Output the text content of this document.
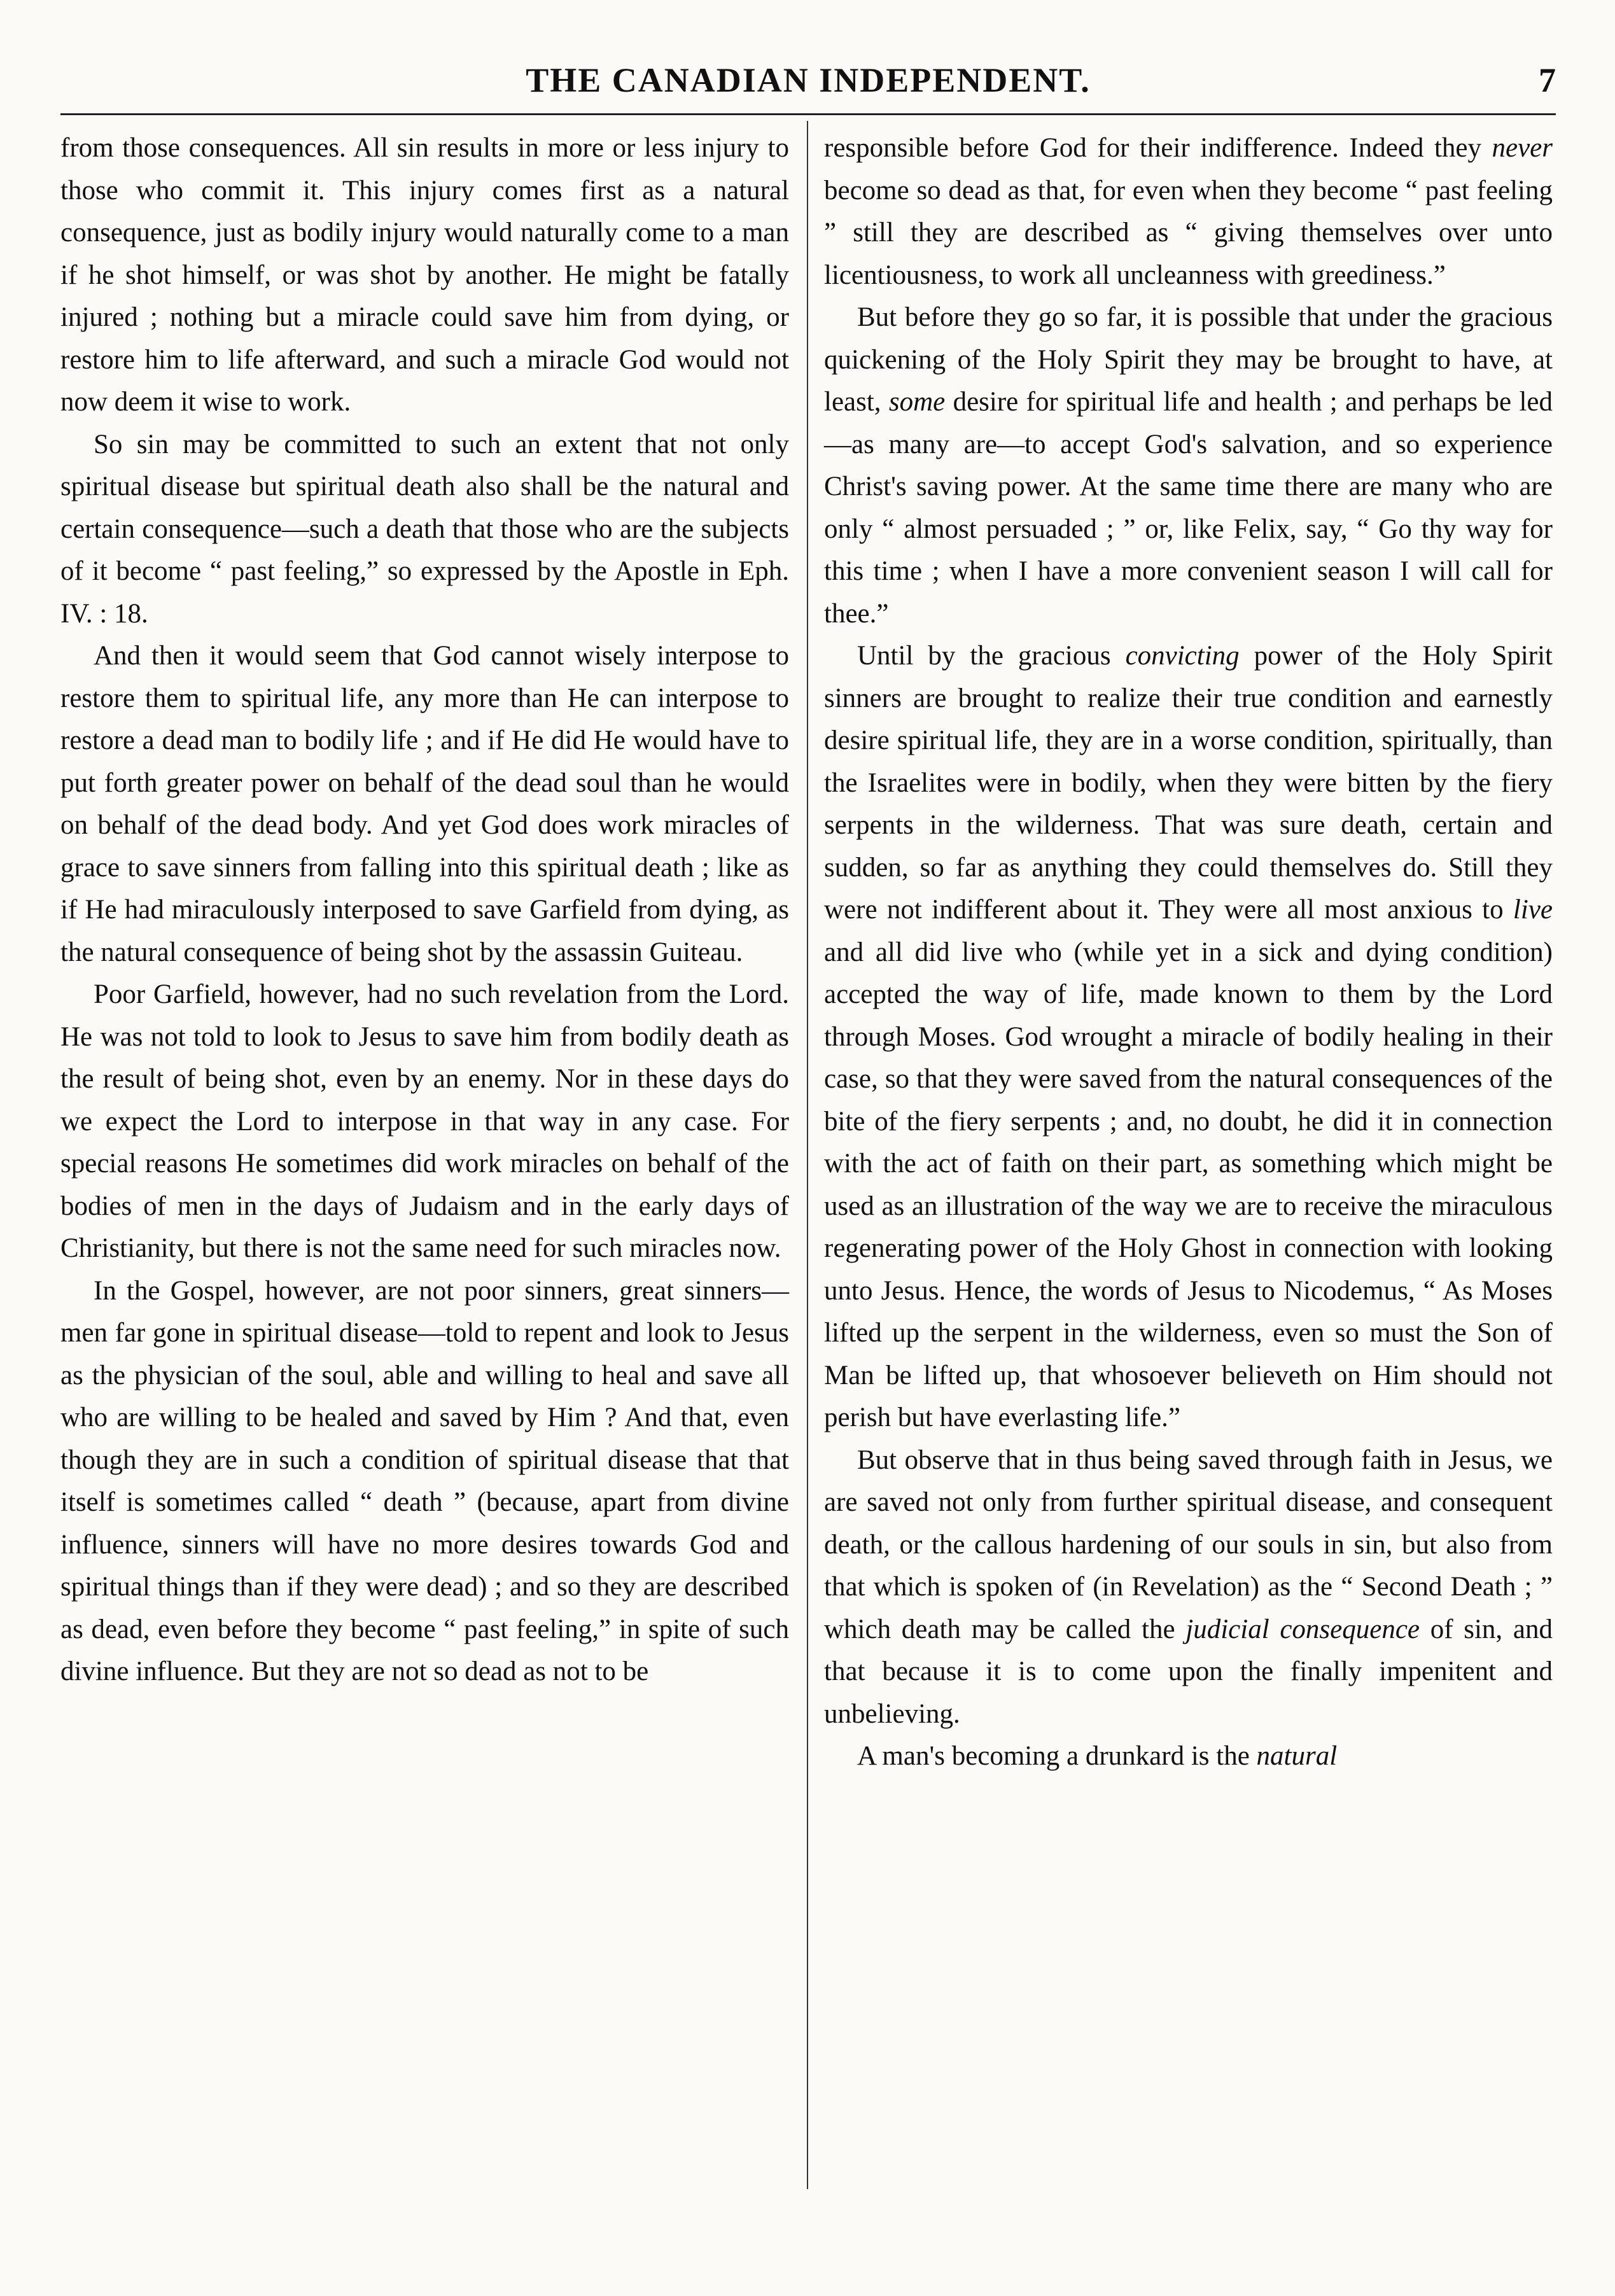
THE CANADIAN INDEPENDENT.	7

from those consequences. All sin results in more or less injury to those who commit it. This injury comes first as a natural consequence, just as bodily injury would naturally come to a man if he shot himself, or was shot by another. He might be fatally injured ; nothing but a miracle could save him from dying, or restore him to life afterward, and such a miracle God would not now deem it wise to work.

So sin may be committed to such an extent that not only spiritual disease but spiritual death also shall be the natural and certain consequence—such a death that those who are the subjects of it become “ past feeling,” so expressed by the Apostle in Eph. IV. : 18.

And then it would seem that God cannot wisely interpose to restore them to spiritual life, any more than He can interpose to restore a dead man to bodily life ; and if He did He would have to put forth greater power on behalf of the dead soul than he would on behalf of the dead body. And yet God does work miracles of grace to save sinners from falling into this spiritual death ; like as if He had miraculously interposed to save Garfield from dying, as the natural consequence of being shot by the assassin Guiteau.

Poor Garfield, however, had no such revelation from the Lord. He was not told to look to Jesus to save him from bodily death as the result of being shot, even by an enemy. Nor in these days do we expect the Lord to interpose in that way in any case. For special reasons He sometimes did work miracles on behalf of the bodies of men in the days of Judaism and in the early days of Christianity, but there is not the same need for such miracles now.

In the Gospel, however, are not poor sinners, great sinners—men far gone in spiritual disease—told to repent and look to Jesus as the physician of the soul, able and willing to heal and save all who are willing to be healed and saved by Him ? And that, even though they are in such a condition of spiritual disease that that itself is sometimes called “ death ” (because, apart from divine influence, sinners will have no more desires towards God and spiritual things than if they were dead) ; and so they are described as dead, even before they become “ past feeling,” in spite of such divine influence. But they are not so dead as not to be

responsible before God for their indifference. Indeed they never become so dead as that, for even when they become “ past feeling ” still they are described as “ giving themselves over unto licentiousness, to work all uncleanness with greediness.”

But before they go so far, it is possible that under the gracious quickening of the Holy Spirit they may be brought to have, at least, some desire for spiritual life and health ; and perhaps be led —as many are—to accept God's salvation, and so experience Christ's saving power. At the same time there are many who are only “ almost persuaded ; ” or, like Felix, say, “ Go thy way for this time ; when I have a more convenient season I will call for thee.”

Until by the gracious convicting power of the Holy Spirit sinners are brought to realize their true condition and earnestly desire spiritual life, they are in a worse condition, spiritually, than the Israelites were in bodily, when they were bitten by the fiery serpents in the wilderness. That was sure death, certain and sudden, so far as anything they could themselves do. Still they were not indifferent about it. They were all most anxious to live and all did live who (while yet in a sick and dying condition) accepted the way of life, made known to them by the Lord through Moses. God wrought a miracle of bodily healing in their case, so that they were saved from the natural consequences of the bite of the fiery serpents ; and, no doubt, he did it in connection with the act of faith on their part, as something which might be used as an illustration of the way we are to receive the miraculous regenerating power of the Holy Ghost in connection with looking unto Jesus. Hence, the words of Jesus to Nicodemus, “ As Moses lifted up the serpent in the wilderness, even so must the Son of Man be lifted up, that whosoever believeth on Him should not perish but have everlasting life.”

But observe that in thus being saved through faith in Jesus, we are saved not only from further spiritual disease, and consequent death, or the callous hardening of our souls in sin, but also from that which is spoken of (in Revelation) as the “ Second Death ; ” which death may be called the judicial consequence of sin, and that because it is to come upon the finally impenitent and unbelieving.

A man's becoming a drunkard is the natural
